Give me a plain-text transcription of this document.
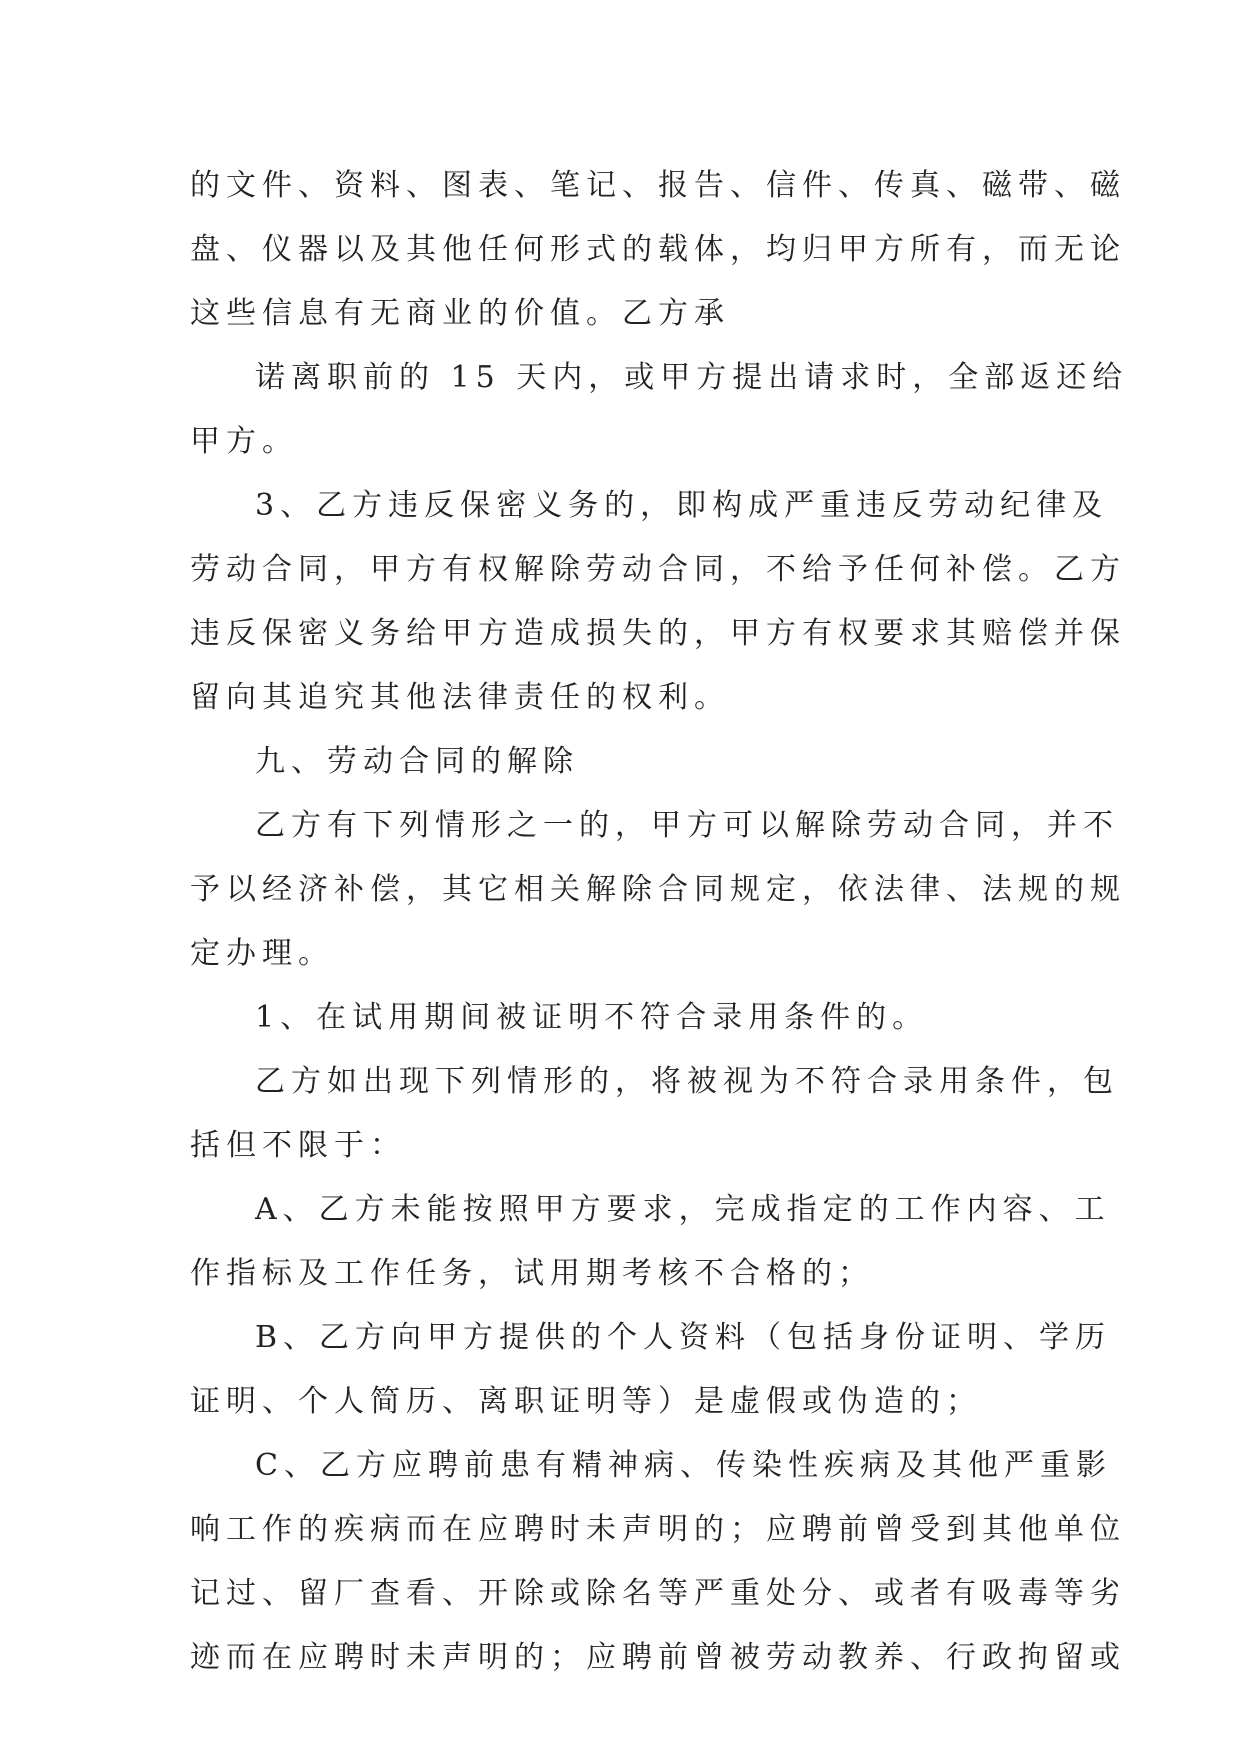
的文件、资料、图表、笔记、报告、信件、传真、磁带、磁
盘、仪器以及其他任何形式的载体，均归甲方所有，而无论
这些信息有无商业的价值。乙方承
诺离职前的 15 天内，或甲方提出请求时，全部返还给
甲方。
3、乙方违反保密义务的，即构成严重违反劳动纪律及
劳动合同，甲方有权解除劳动合同，不给予任何补偿。乙方
违反保密义务给甲方造成损失的，甲方有权要求其赔偿并保
留向其追究其他法律责任的权利。
九、劳动合同的解除
乙方有下列情形之一的，甲方可以解除劳动合同，并不
予以经济补偿，其它相关解除合同规定，依法律、法规的规
定办理。
1、在试用期间被证明不符合录用条件的。
乙方如出现下列情形的，将被视为不符合录用条件，包
括但不限于：
A、乙方未能按照甲方要求，完成指定的工作内容、工
作指标及工作任务，试用期考核不合格的；
B、乙方向甲方提供的个人资料（包括身份证明、学历
证明、个人简历、离职证明等）是虚假或伪造的；
C、乙方应聘前患有精神病、传染性疾病及其他严重影
响工作的疾病而在应聘时未声明的；应聘前曾受到其他单位
记过、留厂查看、开除或除名等严重处分、或者有吸毒等劣
迹而在应聘时未声明的；应聘前曾被劳动教养、行政拘留或
